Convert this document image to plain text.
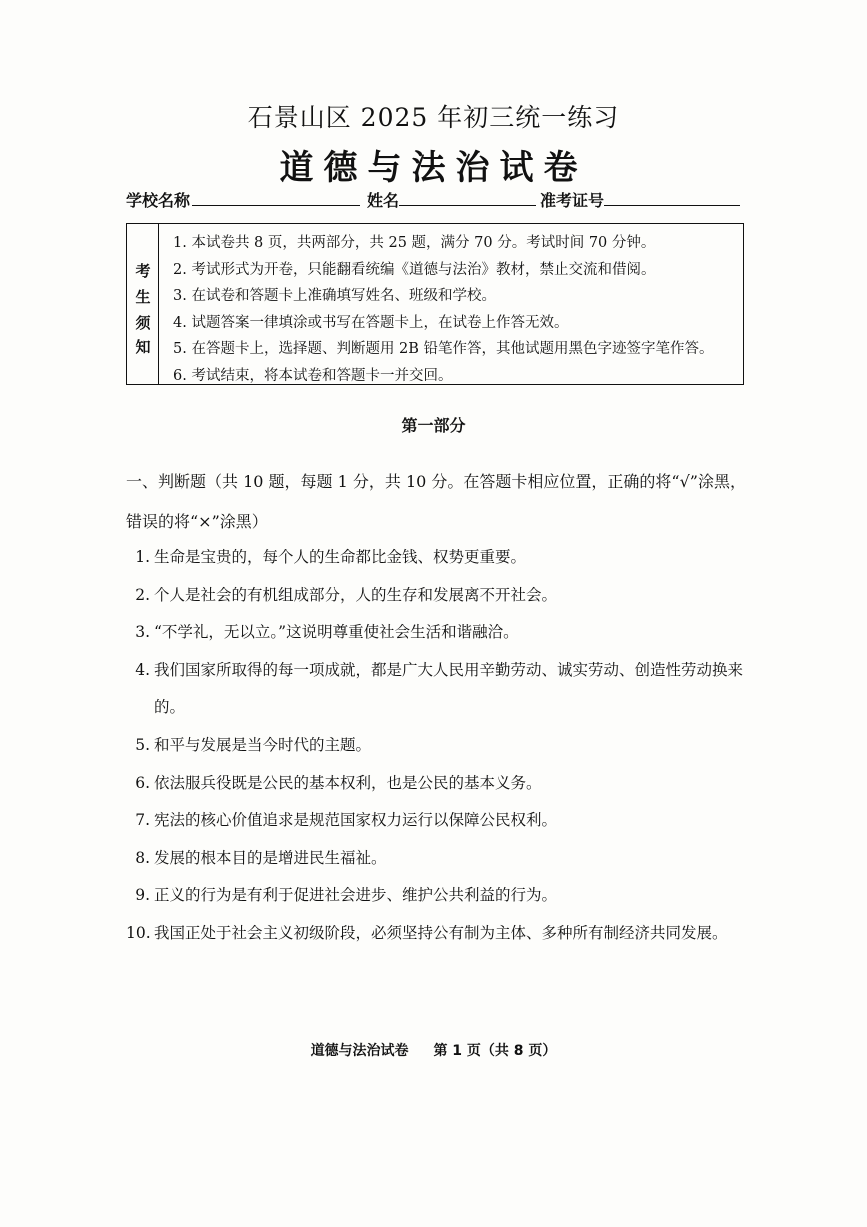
石景山区 2025 年初三统一练习
道德与法治试卷
学校名称	姓名	准考证号
考
生
须
知
1. 本试卷共 8 页，共两部分，共 25 题，满分 70 分。考试时间 70 分钟。
2. 考试形式为开卷，只能翻看统编《道德与法治》教材，禁止交流和借阅。
3. 在试卷和答题卡上准确填写姓名、班级和学校。
4. 试题答案一律填涂或书写在答题卡上，在试卷上作答无效。
5. 在答题卡上，选择题、判断题用 2B 铅笔作答，其他试题用黑色字迹签字笔作答。
6. 考试结束，将本试卷和答题卡一并交回。
第一部分
一、判断题（共 10 题，每题 1 分，共 10 分。在答题卡相应位置，正确的将“√”涂黑，
错误的将“×”涂黑）
1. 生命是宝贵的，每个人的生命都比金钱、权势更重要。
2. 个人是社会的有机组成部分，人的生存和发展离不开社会。
3. “不学礼，无以立。”这说明尊重使社会生活和谐融洽。
4. 我们国家所取得的每一项成就，都是广大人民用辛勤劳动、诚实劳动、创造性劳动换来的。
5. 和平与发展是当今时代的主题。
6. 依法服兵役既是公民的基本权利，也是公民的基本义务。
7. 宪法的核心价值追求是规范国家权力运行以保障公民权利。
8. 发展的根本目的是增进民生福祉。
9. 正义的行为是有利于促进社会进步、维护公共利益的行为。
10. 我国正处于社会主义初级阶段，必须坚持公有制为主体、多种所有制经济共同发展。
道德与法治试卷 第 1 页（共 8 页）
